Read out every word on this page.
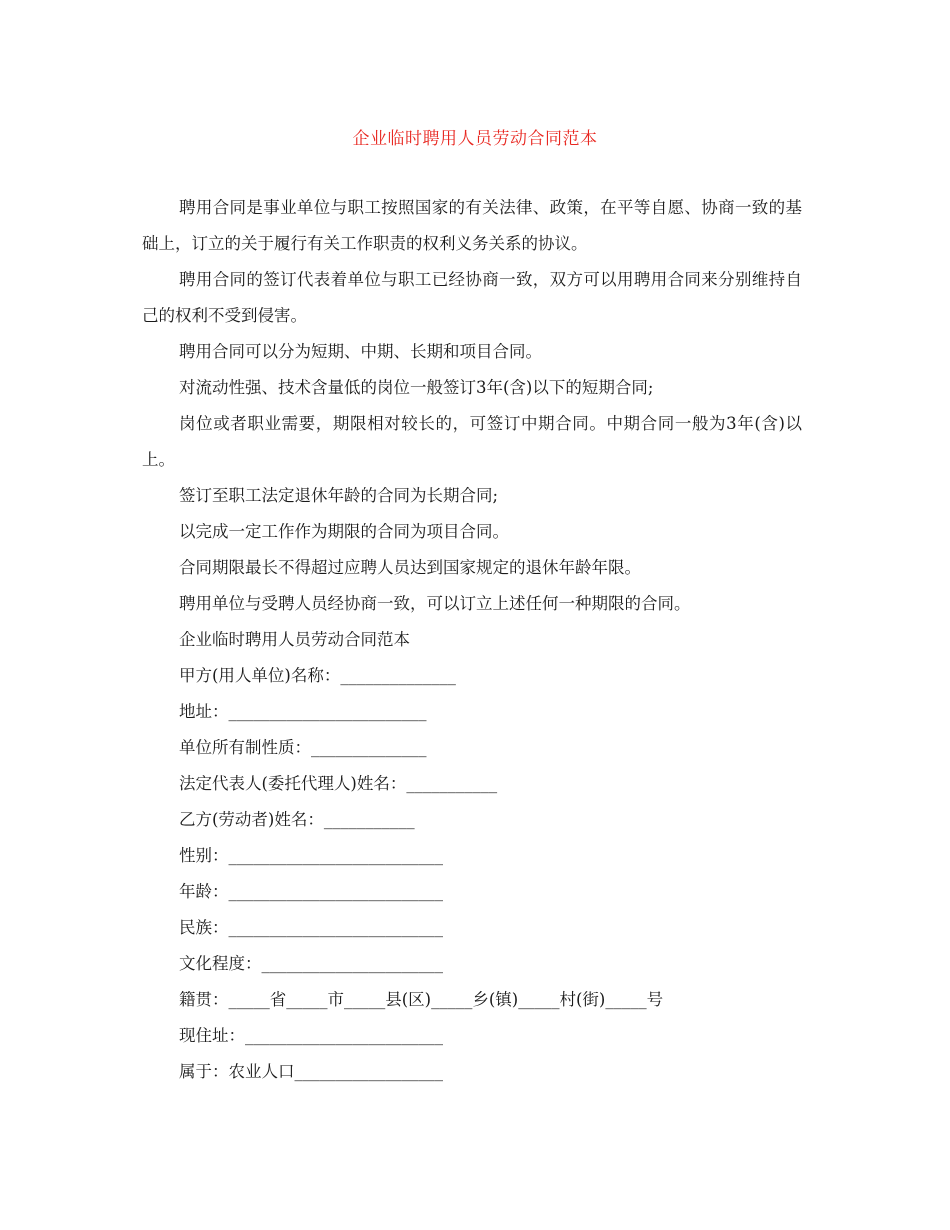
企业临时聘用人员劳动合同范本

聘用合同是事业单位与职工按照国家的有关法律、政策，在平等自愿、协商一致的基础上，订立的关于履行有关工作职责的权利义务关系的协议。

聘用合同的签订代表着单位与职工已经协商一致，双方可以用聘用合同来分别维持自己的权利不受到侵害。

聘用合同可以分为短期、中期、长期和项目合同。

对流动性强、技术含量低的岗位一般签订3年(含)以下的短期合同;

岗位或者职业需要，期限相对较长的，可签订中期合同。中期合同一般为3年(含)以上。

签订至职工法定退休年龄的合同为长期合同;

以完成一定工作作为期限的合同为项目合同。

合同期限最长不得超过应聘人员达到国家规定的退休年龄年限。

聘用单位与受聘人员经协商一致，可以订立上述任何一种期限的合同。

企业临时聘用人员劳动合同范本

甲方(用人单位)名称：______________

地址：________________________

单位所有制性质：______________

法定代表人(委托代理人)姓名：___________

乙方(劳动者)姓名：___________

性别：__________________________

年龄：__________________________

民族：__________________________

文化程度：______________________

籍贯：_____省_____市_____县(区)_____乡(镇)_____村(街)_____号

现住址：________________________

属于：农业人口__________________
